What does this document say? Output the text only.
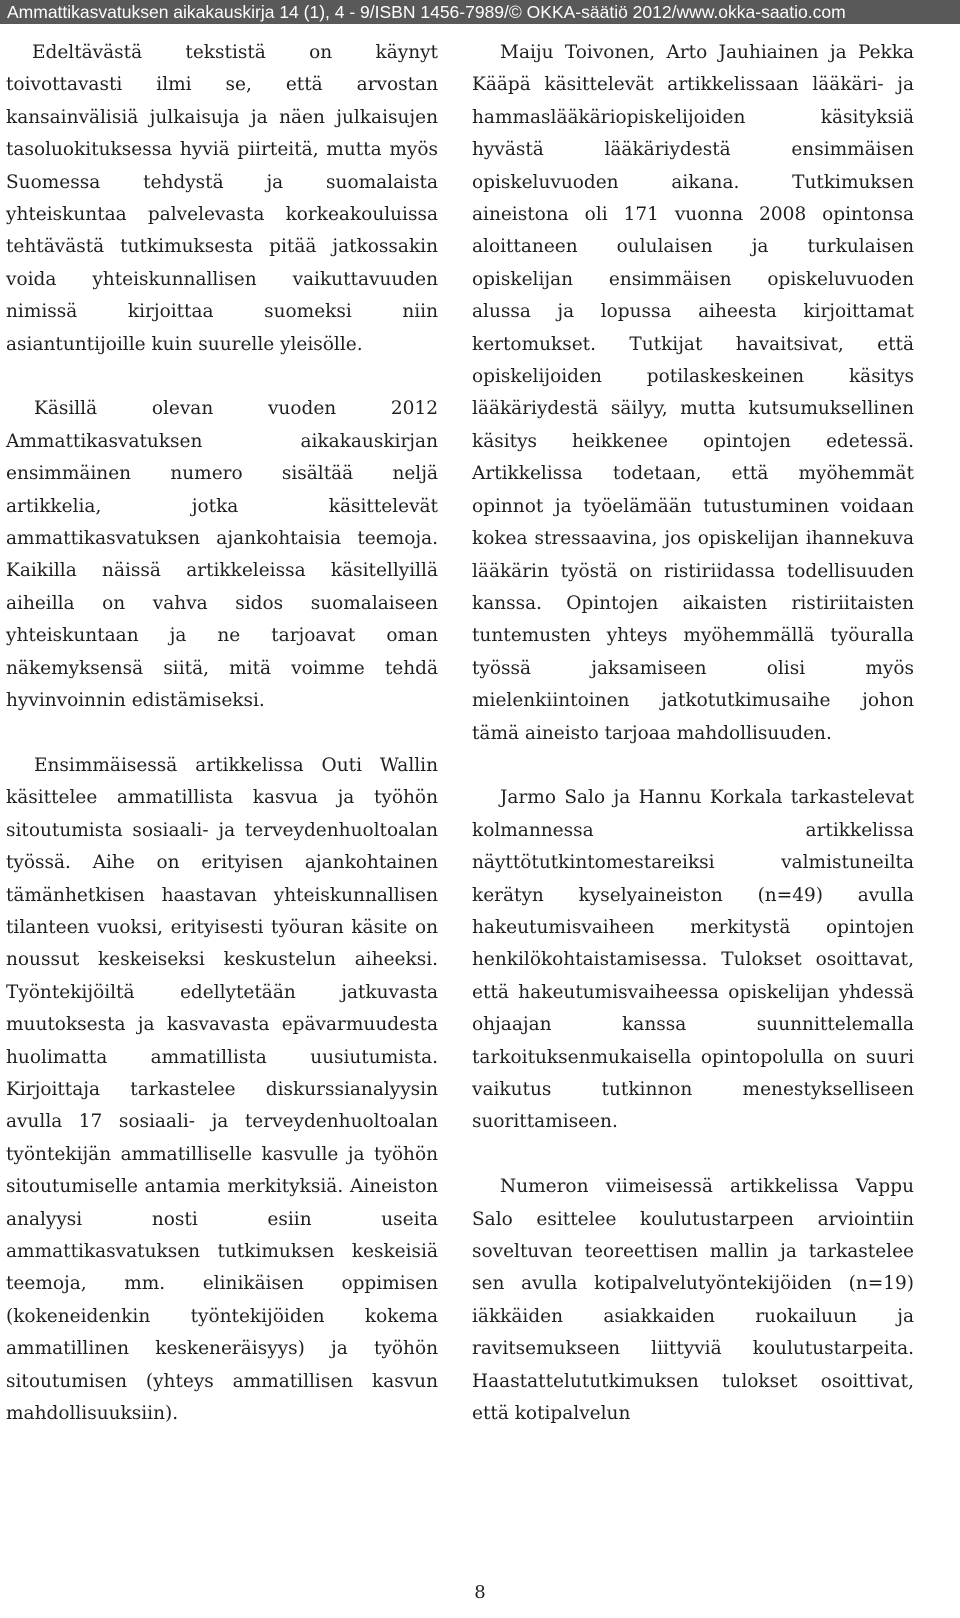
Ammattikasvatuksen aikakauskirja 14 (1), 4 - 9/ISBN 1456-7989/© OKKA-säätiö 2012/www.okka-saatio.com

Edeltävästä tekstistä on käynyt toivottavasti ilmi se, että arvostan kansainvälisiä julkaisuja ja näen julkaisujen tasoluokituksessa hyviä piirteitä, mutta myös Suomessa tehdystä ja suomalaista yhteiskuntaa palvelevasta korkeakouluissa tehtävästä tutkimuksesta pitää jatkossakin voida yhteiskunnallisen vaikuttavuuden nimissä kirjoittaa suomeksi niin asiantuntijoille kuin suurelle yleisölle.

Käsillä olevan vuoden 2012 Ammattikasvatuksen aikakauskirjan ensimmäinen numero sisältää neljä artikkelia, jotka käsittelevät ammattikasvatuksen ajankohtaisia teemoja. Kaikilla näissä artikkeleissa käsitellyillä aiheilla on vahva sidos suomalaiseen yhteiskuntaan ja ne tarjoavat oman näkemyksensä siitä, mitä voimme tehdä hyvinvoinnin edistämiseksi.

Ensimmäisessä artikkelissa Outi Wallin käsittelee ammatillista kasvua ja työhön sitoutumista sosiaali- ja terveydenhuoltoalan työssä. Aihe on erityisen ajankohtainen tämänhetkisen haastavan yhteiskunnallisen tilanteen vuoksi, erityisesti työuran käsite on noussut keskeiseksi keskustelun aiheeksi. Työntekijöiltä edellytetään jatkuvasta muutoksesta ja kasvavasta epävarmuudesta huolimatta ammatillista uusiutumista. Kirjoittaja tarkastelee diskurssianalyysin avulla 17 sosiaali- ja terveydenhuoltoalan työntekijän ammatilliselle kasvulle ja työhön sitoutumiselle antamia merkityksiä. Aineiston analyysi nosti esiin useita ammattikasvatuksen tutkimuksen keskeisiä teemoja, mm. elinikäisen oppimisen (kokeneidenkin työntekijöiden kokema ammatillinen keskeneräisyys) ja työhön sitoutumisen (yhteys ammatillisen kasvun mahdollisuuksiin).

Maiju Toivonen, Arto Jauhiainen ja Pekka Kääpä käsittelevät artikkelissaan lääkäri- ja hammaslääkäriopiskelijoiden käsityksiä hyvästä lääkäriydestä ensimmäisen opiskeluvuoden aikana. Tutkimuksen aineistona oli 171 vuonna 2008 opintonsa aloittaneen oululaisen ja turkulaisen opiskelijan ensimmäisen opiskeluvuoden alussa ja lopussa aiheesta kirjoittamat kertomukset. Tutkijat havaitsivat, että opiskelijoiden potilaskeskeinen käsitys lääkäriydestä säilyy, mutta kutsumuksellinen käsitys heikkenee opintojen edetessä. Artikkelissa todetaan, että myöhemmät opinnot ja työelämään tutustuminen voidaan kokea stressaavina, jos opiskelijan ihannekuva lääkärin työstä on ristiriidassa todellisuuden kanssa. Opintojen aikaisten ristiriitaisten tuntemusten yhteys myöhemmällä työuralla työssä jaksamiseen olisi myös mielenkiintoinen jatkotutkimusaihe johon tämä aineisto tarjoaa mahdollisuuden.

Jarmo Salo ja Hannu Korkala tarkastelevat kolmannessa artikkelissa näyttötutkintomestareiksi valmistuneilta kerätyn kyselyaineiston (n=49) avulla hakeutumisvaiheen merkitystä opintojen henkilökohtaistamisessa. Tulokset osoittavat, että hakeutumisvaiheessa opiskelijan yhdessä ohjaajan kanssa suunnittelemalla tarkoituksenmukaisella opintopolulla on suuri vaikutus tutkinnon menestykselliseen suorittamiseen.

Numeron viimeisessä artikkelissa Vappu Salo esittelee koulutustarpeen arviointiin soveltuvan teoreettisen mallin ja tarkastelee sen avulla kotipalvelutyöntekijöiden (n=19) iäkkäiden asiakkaiden ruokailuun ja ravitsemukseen liittyviä koulutustarpeita. Haastattelututkimuksen tulokset osoittivat, että kotipalvelun

8
